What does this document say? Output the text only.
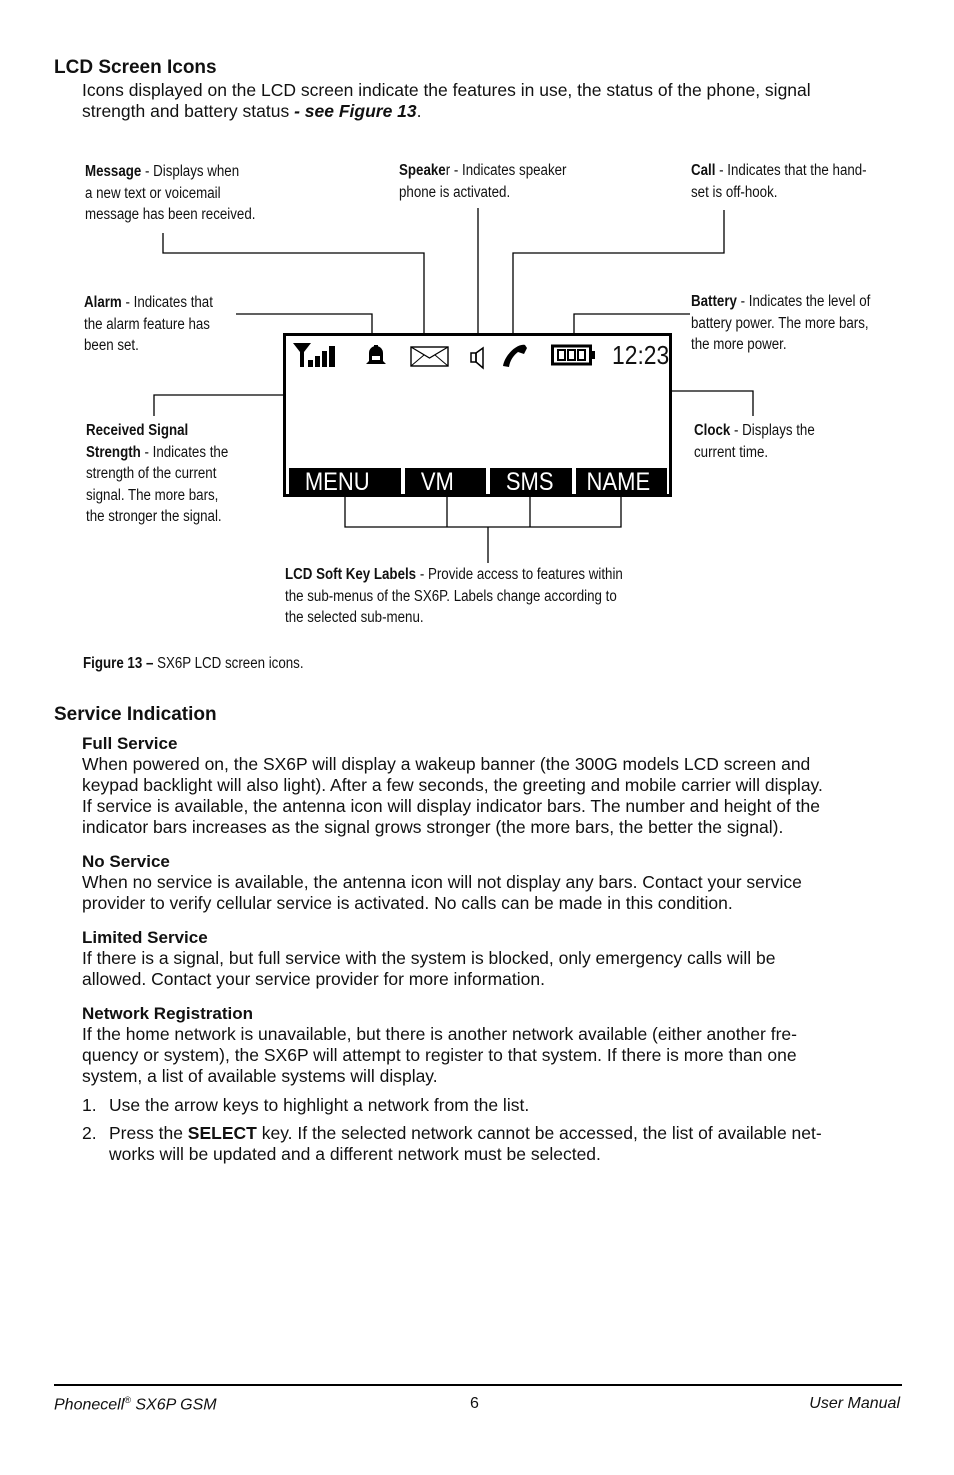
LCD Screen Icons
Icons displayed on the LCD screen indicate the features in use, the status of the phone, signal
strength and battery status - see Figure 13.
Message - Displays when
a new text or voicemail
message has been received.
Speaker - Indicates speaker
phone is activated.
Call - Indicates that the hand-
set is off-hook.
Alarm - Indicates that
the alarm feature has
been set.
Battery - Indicates the level of
battery power. The more bars,
the more power.
Received Signal
Strength - Indicates the
strength of the current
signal. The more bars,
the stronger the signal.
Clock - Displays the
current time.
LCD Soft Key Labels - Provide access to features within
the sub-menus of the SX6P. Labels change according to
the selected sub-menu.
12:23
MENU	VM	SMS	NAME
Figure 13 – SX6P LCD screen icons.
Service Indication
Full Service
When powered on, the SX6P will display a wakeup banner (the 300G models LCD screen and
keypad backlight will also light). After a few seconds, the greeting and mobile carrier will display.
If service is available, the antenna icon will display indicator bars. The number and height of the
indicator bars increases as the signal grows stronger (the more bars, the better the signal).
No Service
When no service is available, the antenna icon will not display any bars. Contact your service
provider to verify cellular service is activated. No calls can be made in this condition.
Limited Service
If there is a signal, but full service with the system is blocked, only emergency calls will be
allowed. Contact your service provider for more information.
Network Registration
If the home network is unavailable, but there is another network available (either another fre-
quency or system), the SX6P will attempt to register to that system. If there is more than one
system, a list of available systems will display.
1. Use the arrow keys to highlight a network from the list.
2. Press the SELECT key. If the selected network cannot be accessed, the list of available net-
works will be updated and a different network must be selected.
Phonecell® SX6P GSM	6	User Manual
